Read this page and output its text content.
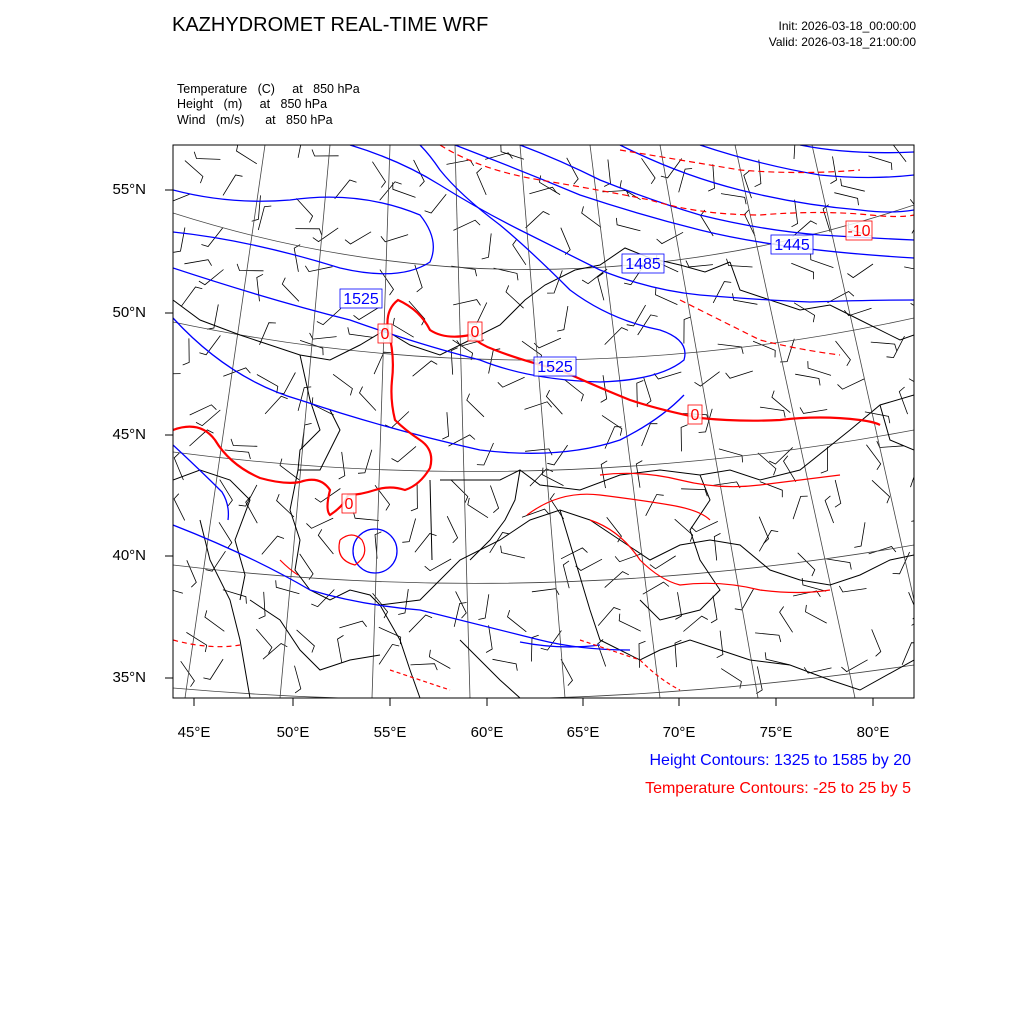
KAZHYDROMET REAL-TIME WRF	Init: 2026-03-18_00:00:00
Valid: 2026-03-18_21:00:00
Temperature   (C)     at   850 hPa
Height   (m)     at   850 hPa
Wind   (m/s)      at   850 hPa
1525
1485
1445
1525
0	0
0
0
-10
55°N
50°N
45°N
40°N
35°N
45°E	50°E	55°E	60°E	65°E	70°E	75°E	80°E
Height Contours: 1325 to 1585 by 20
Temperature Contours: -25 to 25 by 5
